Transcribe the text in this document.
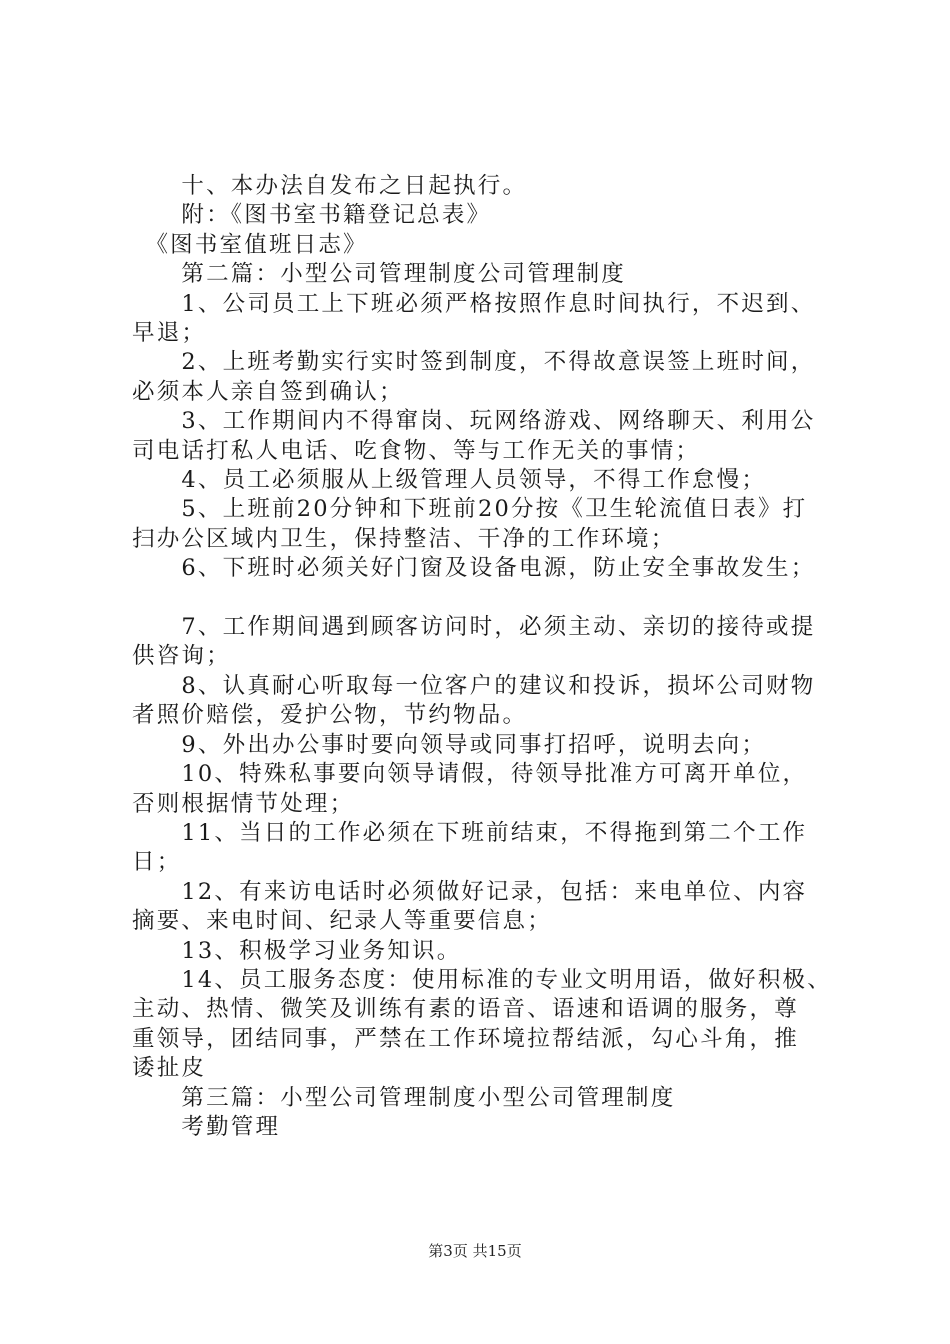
　　十、本办法自发布之日起执行。
　　附：《图书室书籍登记总表》
　《图书室值班日志》
　　第二篇：小型公司管理制度公司管理制度
　　1、公司员工上下班必须严格按照作息时间执行，不迟到、
早退；
　　2、上班考勤实行实时签到制度，不得故意误签上班时间，
必须本人亲自签到确认；
　　3、工作期间内不得窜岗、玩网络游戏、网络聊天、利用公
司电话打私人电话、吃食物、等与工作无关的事情；
　　4、员工必须服从上级管理人员领导，不得工作怠慢；
　　5、上班前20分钟和下班前20分按《卫生轮流值日表》打
扫办公区域内卫生，保持整洁、干净的工作环境；
　　6、下班时必须关好门窗及设备电源，防止安全事故发生；
　　7、工作期间遇到顾客访问时，必须主动、亲切的接待或提
供咨询；
　　8、认真耐心听取每一位客户的建议和投诉，损坏公司财物
者照价赔偿，爱护公物，节约物品。
　　9、外出办公事时要向领导或同事打招呼，说明去向；
　　10、特殊私事要向领导请假，待领导批准方可离开单位，
否则根据情节处理；
　　11、当日的工作必须在下班前结束，不得拖到第二个工作
日；
　　12、有来访电话时必须做好记录，包括：来电单位、内容
摘要、来电时间、纪录人等重要信息；
　　13、积极学习业务知识。
　　14、员工服务态度：使用标准的专业文明用语，做好积极、
主动、热情、微笑及训练有素的语音、语速和语调的服务，尊
重领导，团结同事，严禁在工作环境拉帮结派，勾心斗角，推
诿扯皮
　　第三篇：小型公司管理制度小型公司管理制度
　　考勤管理
第3页 共15页
